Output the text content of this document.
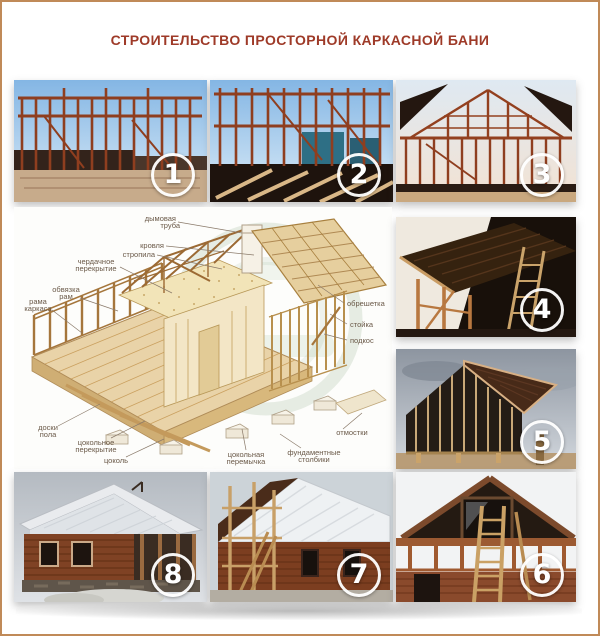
СТРОИТЕЛЬСТВО ПРОСТОРНОЙ КАРКАСНОЙ БАНИ
1	2	3
дымовая
труба
кровля
стропила
чердачное
перекрытие
обвязка
рам
рама
каркаса
обрешетка
стойка
подкос
доски
пола
цокольное
перекрытие
цоколь
цокольная
перемычка
фундаментные
столбики
отмостки
4
5
8	7	6
